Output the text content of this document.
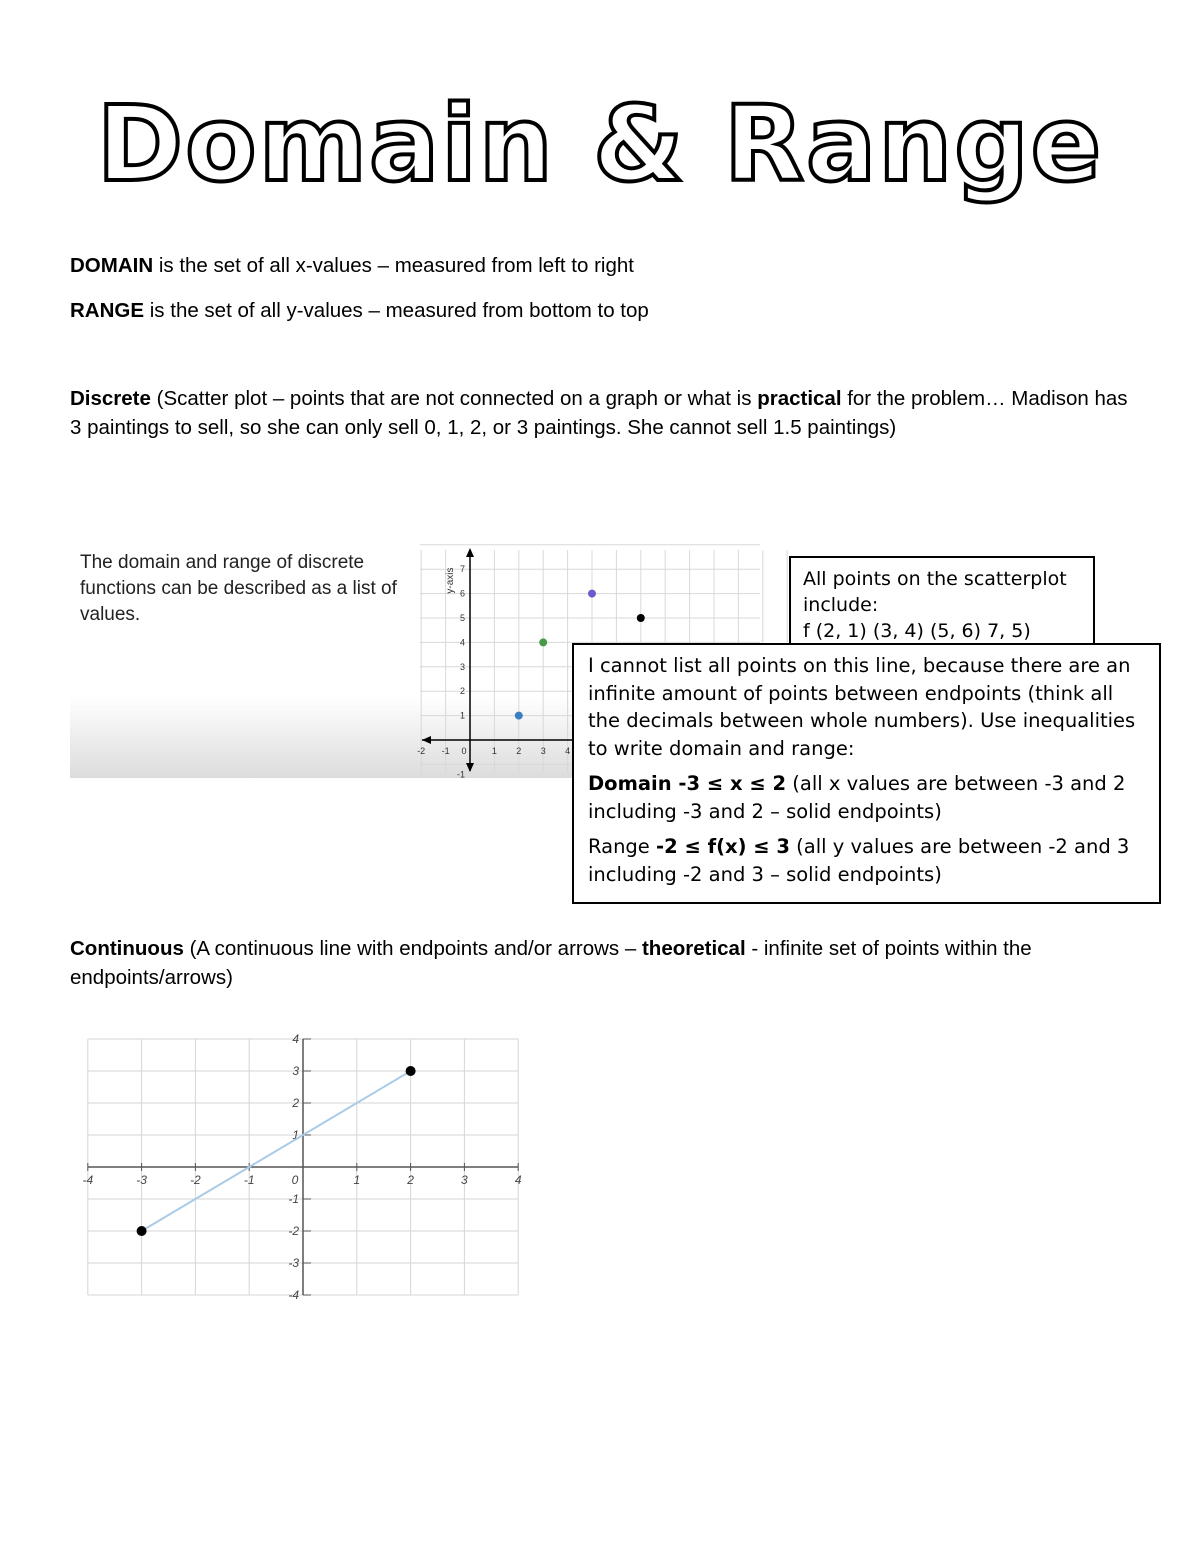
Domain & Range
DOMAIN is the set of all x-values – measured from left to right
RANGE is the set of all y-values – measured from bottom to top
Discrete (Scatter plot – points that are not connected on a graph or what is practical for the problem… Madison has 3 paintings to sell, so she can only sell 0, 1, 2, or 3 paintings. She cannot sell 1.5 paintings)
The domain and range of discrete functions can be described as a list of values.
-2 -1 0	1 2 3 4
-1
1
2
3
4
5
6
7
y-axis	All points on the scatterplot include:
f (2, 1) (3, 4) (5, 6) 7, 5)

I cannot list all points on this line, because there are an infinite amount of points between endpoints (think all the decimals between whole numbers). Use inequalities to write domain and range:

Domain -3 ≤ x ≤ 2 (all x values are between -3 and 2 including -3 and 2 – solid endpoints)

Range -2 ≤ f(x) ≤ 3 (all y values are between -2 and 3 including -2 and 3 – solid endpoints)

Continuous (A continuous line with endpoints and/or arrows – theoretical - infinite set of points within the endpoints/arrows)
-4	-3	-2	-1	0	1	2	3	4
-4
-3
-2
-1
1
2
3
4
